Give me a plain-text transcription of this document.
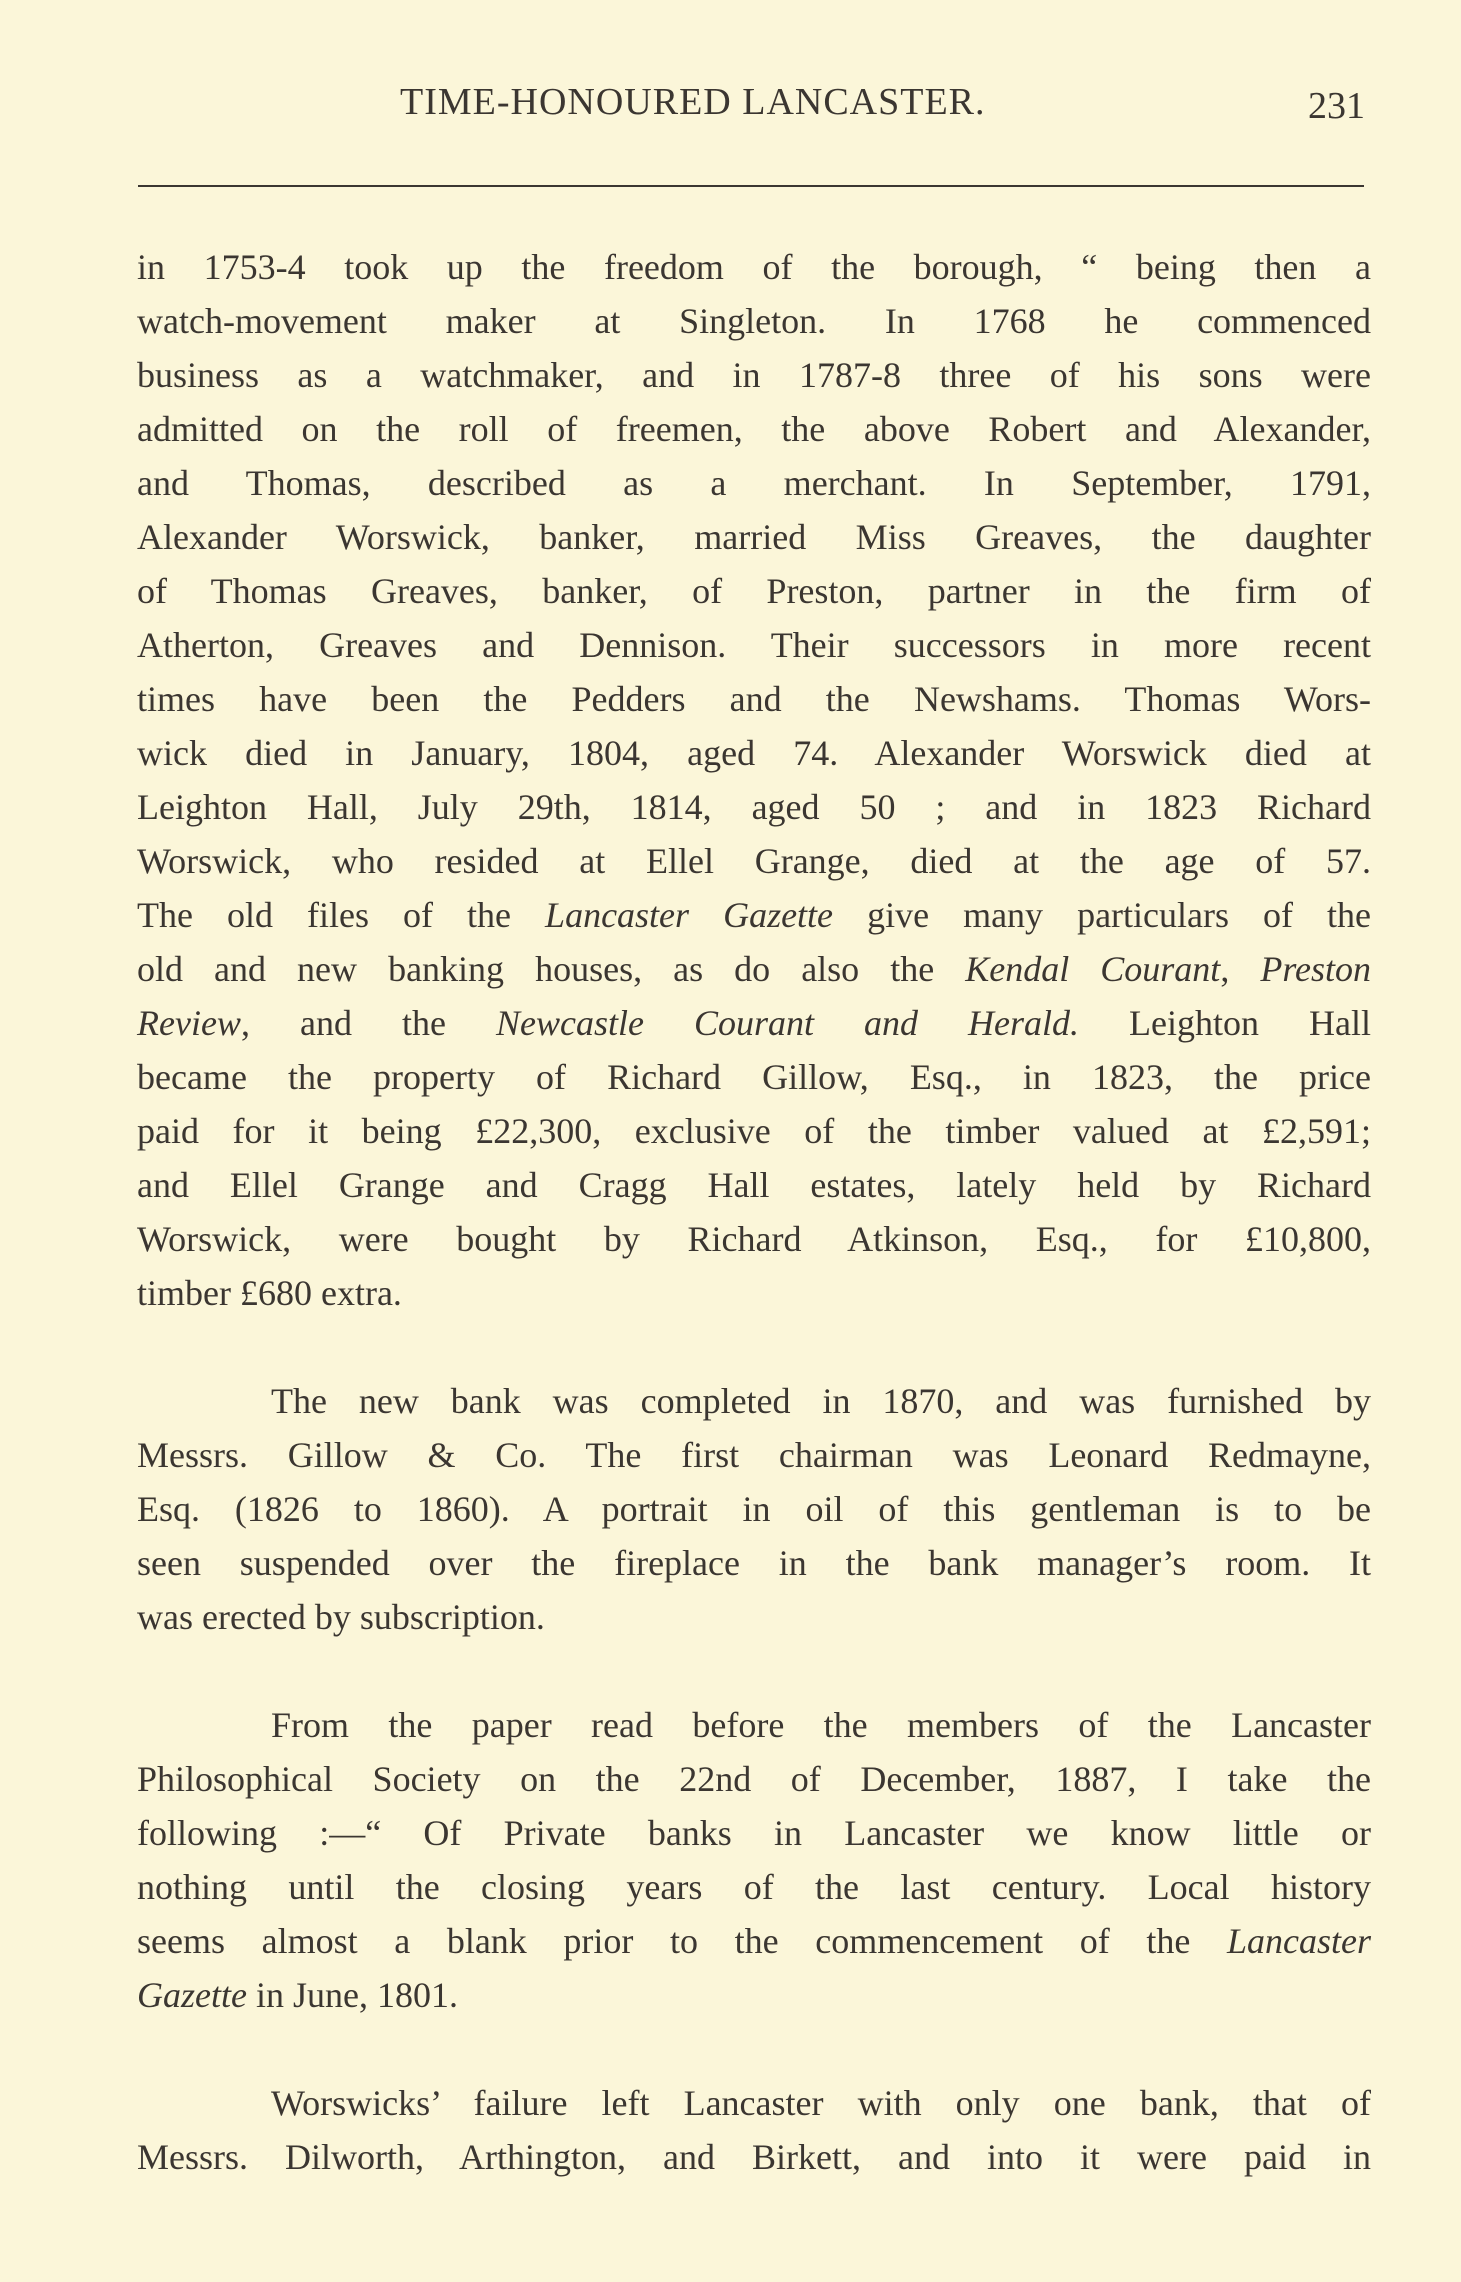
TIME-HONOURED LANCASTER.	231
in 1753-4 took up the freedom of the borough, “ being then a
watch-movement maker at Singleton. In 1768 he commenced
business as a watchmaker, and in 1787-8 three of his sons were
admitted on the roll of freemen, the above Robert and Alexander,
and Thomas, described as a merchant. In September, 1791,
Alexander Worswick, banker, married Miss Greaves, the daughter
of Thomas Greaves, banker, of Preston, partner in the firm of
Atherton, Greaves and Dennison. Their successors in more recent
times have been the Pedders and the Newshams. Thomas Wors-
wick died in January, 1804, aged 74. Alexander Worswick died at
Leighton Hall, July 29th, 1814, aged 50 ; and in 1823 Richard
Worswick, who resided at Ellel Grange, died at the age of 57.
The old files of the Lancaster Gazette give many particulars of the
old and new banking houses, as do also the Kendal Courant, Preston
Review, and the Newcastle Courant and Herald. Leighton Hall
became the property of Richard Gillow, Esq., in 1823, the price
paid for it being £22,300, exclusive of the timber valued at £2,591;
and Ellel Grange and Cragg Hall estates, lately held by Richard
Worswick, were bought by Richard Atkinson, Esq., for £10,800,
timber £680 extra.
The new bank was completed in 1870, and was furnished by
Messrs. Gillow & Co. The first chairman was Leonard Redmayne,
Esq. (1826 to 1860). A portrait in oil of this gentleman is to be
seen suspended over the fireplace in the bank manager’s room. It
was erected by subscription.
From the paper read before the members of the Lancaster
Philosophical Society on the 22nd of December, 1887, I take the
following :—“ Of Private banks in Lancaster we know little or
nothing until the closing years of the last century. Local history
seems almost a blank prior to the commencement of the Lancaster
Gazette in June, 1801.
Worswicks’ failure left Lancaster with only one bank, that of
Messrs. Dilworth, Arthington, and Birkett, and into it were paid in
